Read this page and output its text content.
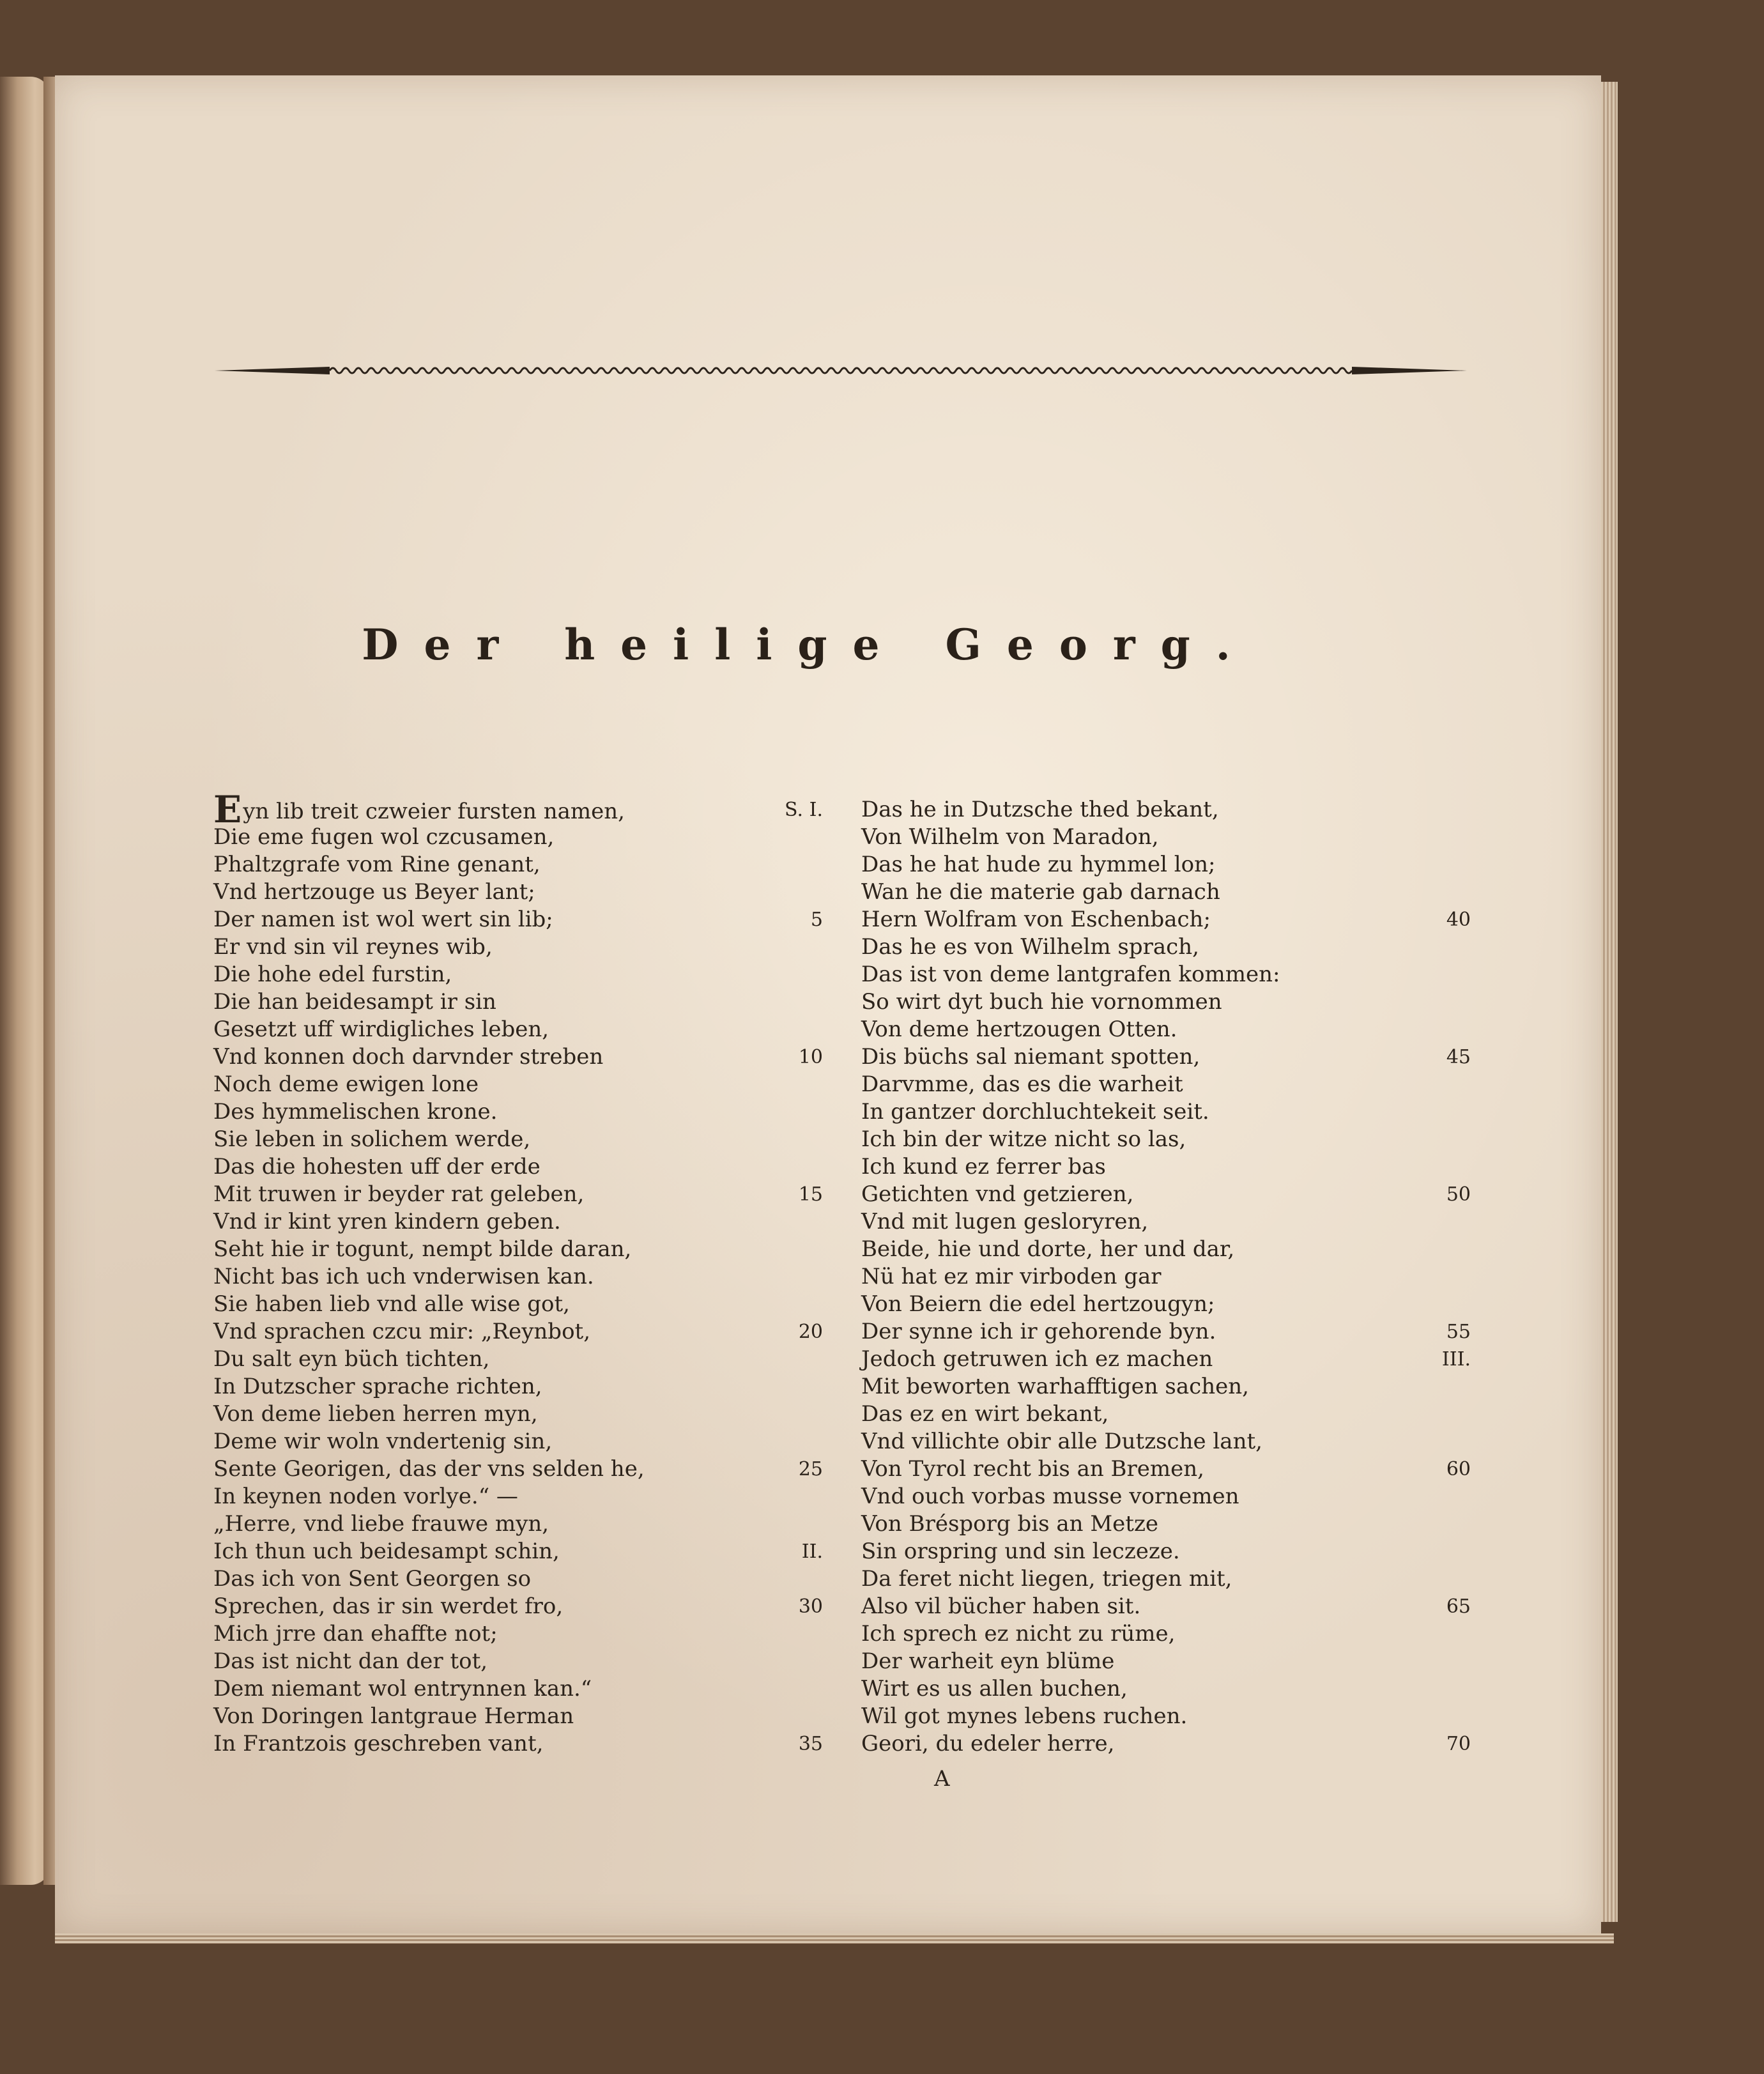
Der heilige Georg.
Eyn lib treit czweier fursten namen,	S. I.
Die eme fugen wol czcusamen,
Phaltzgrafe vom Rine genant,
Vnd hertzouge us Beyer lant;
Der namen ist wol wert sin lib;	5
Er vnd sin vil reynes wib,
Die hohe edel furstin,
Die han beidesampt ir sin
Gesetzt uff wirdigliches leben,
Vnd konnen doch darvnder streben	10
Noch deme ewigen lone
Des hymmelischen krone.
Sie leben in solichem werde,
Das die hohesten uff der erde
Mit truwen ir beyder rat geleben,	15
Vnd ir kint yren kindern geben.
Seht hie ir togunt, nempt bilde daran,
Nicht bas ich uch vnderwisen kan.
Sie haben lieb vnd alle wise got,
Vnd sprachen czcu mir: „Reynbot,	20
Du salt eyn büch tichten,
In Dutzscher sprache richten,
Von deme lieben herren myn,
Deme wir woln vndertenig sin,
Sente Georigen, das der vns selden he,	25
In keynen noden vorlye.“ —
„Herre, vnd liebe frauwe myn,
Ich thun uch beidesampt schin,	II.
Das ich von Sent Georgen so
Sprechen, das ir sin werdet fro,	30
Mich jrre dan ehaffte not;
Das ist nicht dan der tot,
Dem niemant wol entrynnen kan.“
Von Doringen lantgraue Herman
In Frantzois geschreben vant,	35
Das he in Dutzsche thed bekant,
Von Wilhelm von Maradon,
Das he hat hude zu hymmel lon;
Wan he die materie gab darnach
Hern Wolfram von Eschenbach;	40
Das he es von Wilhelm sprach,
Das ist von deme lantgrafen kommen:
So wirt dyt buch hie vornommen
Von deme hertzougen Otten.
Dis büchs sal niemant spotten,	45
Darvmme, das es die warheit
In gantzer dorchluchtekeit seit.
Ich bin der witze nicht so las,
Ich kund ez ferrer bas
Getichten vnd getzieren,	50
Vnd mit lugen gesloryren,
Beide, hie und dorte, her und dar,
Nü hat ez mir virboden gar
Von Beiern die edel hertzougyn;
Der synne ich ir gehorende byn.	55
Jedoch getruwen ich ez machen	III.
Mit beworten warhafftigen sachen,
Das ez en wirt bekant,
Vnd villichte obir alle Dutzsche lant,
Von Tyrol recht bis an Bremen,	60
Vnd ouch vorbas musse vornemen
Von Brésporg bis an Metze
Sin orspring und sin leczeze.
Da feret nicht liegen, triegen mit,
Also vil bücher haben sit.	65
Ich sprech ez nicht zu rüme,
Der warheit eyn blüme
Wirt es us allen buchen,
Wil got mynes lebens ruchen.
Geori, du edeler herre,	70
A
